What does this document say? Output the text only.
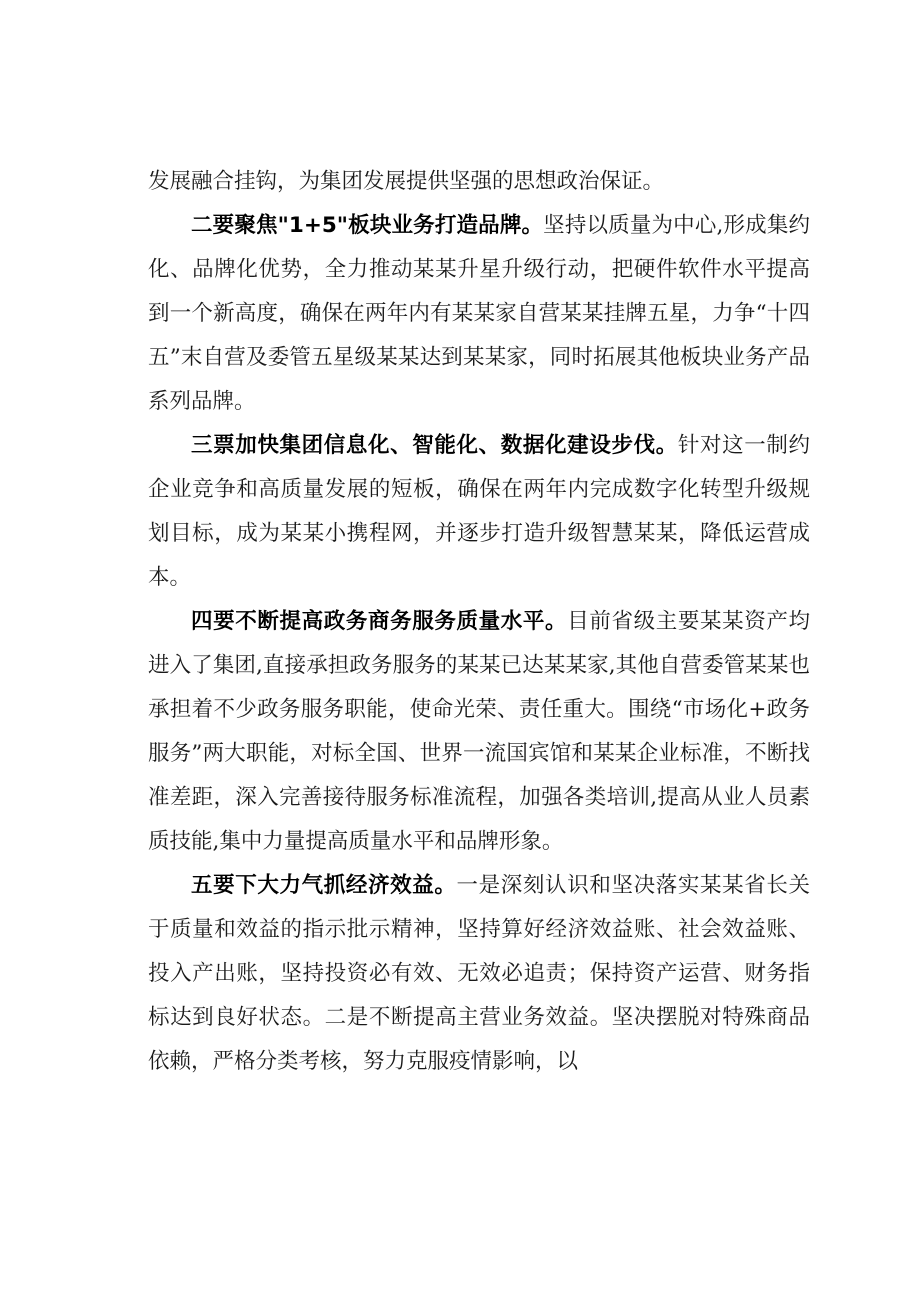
发展融合挂钩，为集团发展提供坚强的思想政治保证。

二要聚焦"1+5"板块业务打造品牌。坚持以质量为中心,形成集约化、品牌化优势，全力推动某某升星升级行动，把硬件软件水平提高到一个新高度，确保在两年内有某某家自营某某挂牌五星，力争“十四五”末自营及委管五星级某某达到某某家，同时拓展其他板块业务产品系列品牌。

三票加快集团信息化、智能化、数据化建设步伐。针对这一制约企业竞争和高质量发展的短板，确保在两年内完成数字化转型升级规划目标，成为某某小携程网，并逐步打造升级智慧某某，降低运营成本。

四要不断提高政务商务服务质量水平。目前省级主要某某资产均进入了集团,直接承担政务服务的某某已达某某家,其他自营委管某某也承担着不少政务服务职能，使命光荣、责任重大。围绕“市场化+政务服务”两大职能，对标全国、世界一流国宾馆和某某企业标准，不断找准差距，深入完善接待服务标准流程，加强各类培训,提高从业人员素质技能,集中力量提高质量水平和品牌形象。

五要下大力气抓经济效益。一是深刻认识和坚决落实某某省长关于质量和效益的指示批示精神，坚持算好经济效益账、社会效益账、投入产出账，坚持投资必有效、无效必追责；保持资产运营、财务指标达到良好状态。二是不断提高主营业务效益。坚决摆脱对特殊商品依赖，严格分类考核，努力克服疫情影响，以
